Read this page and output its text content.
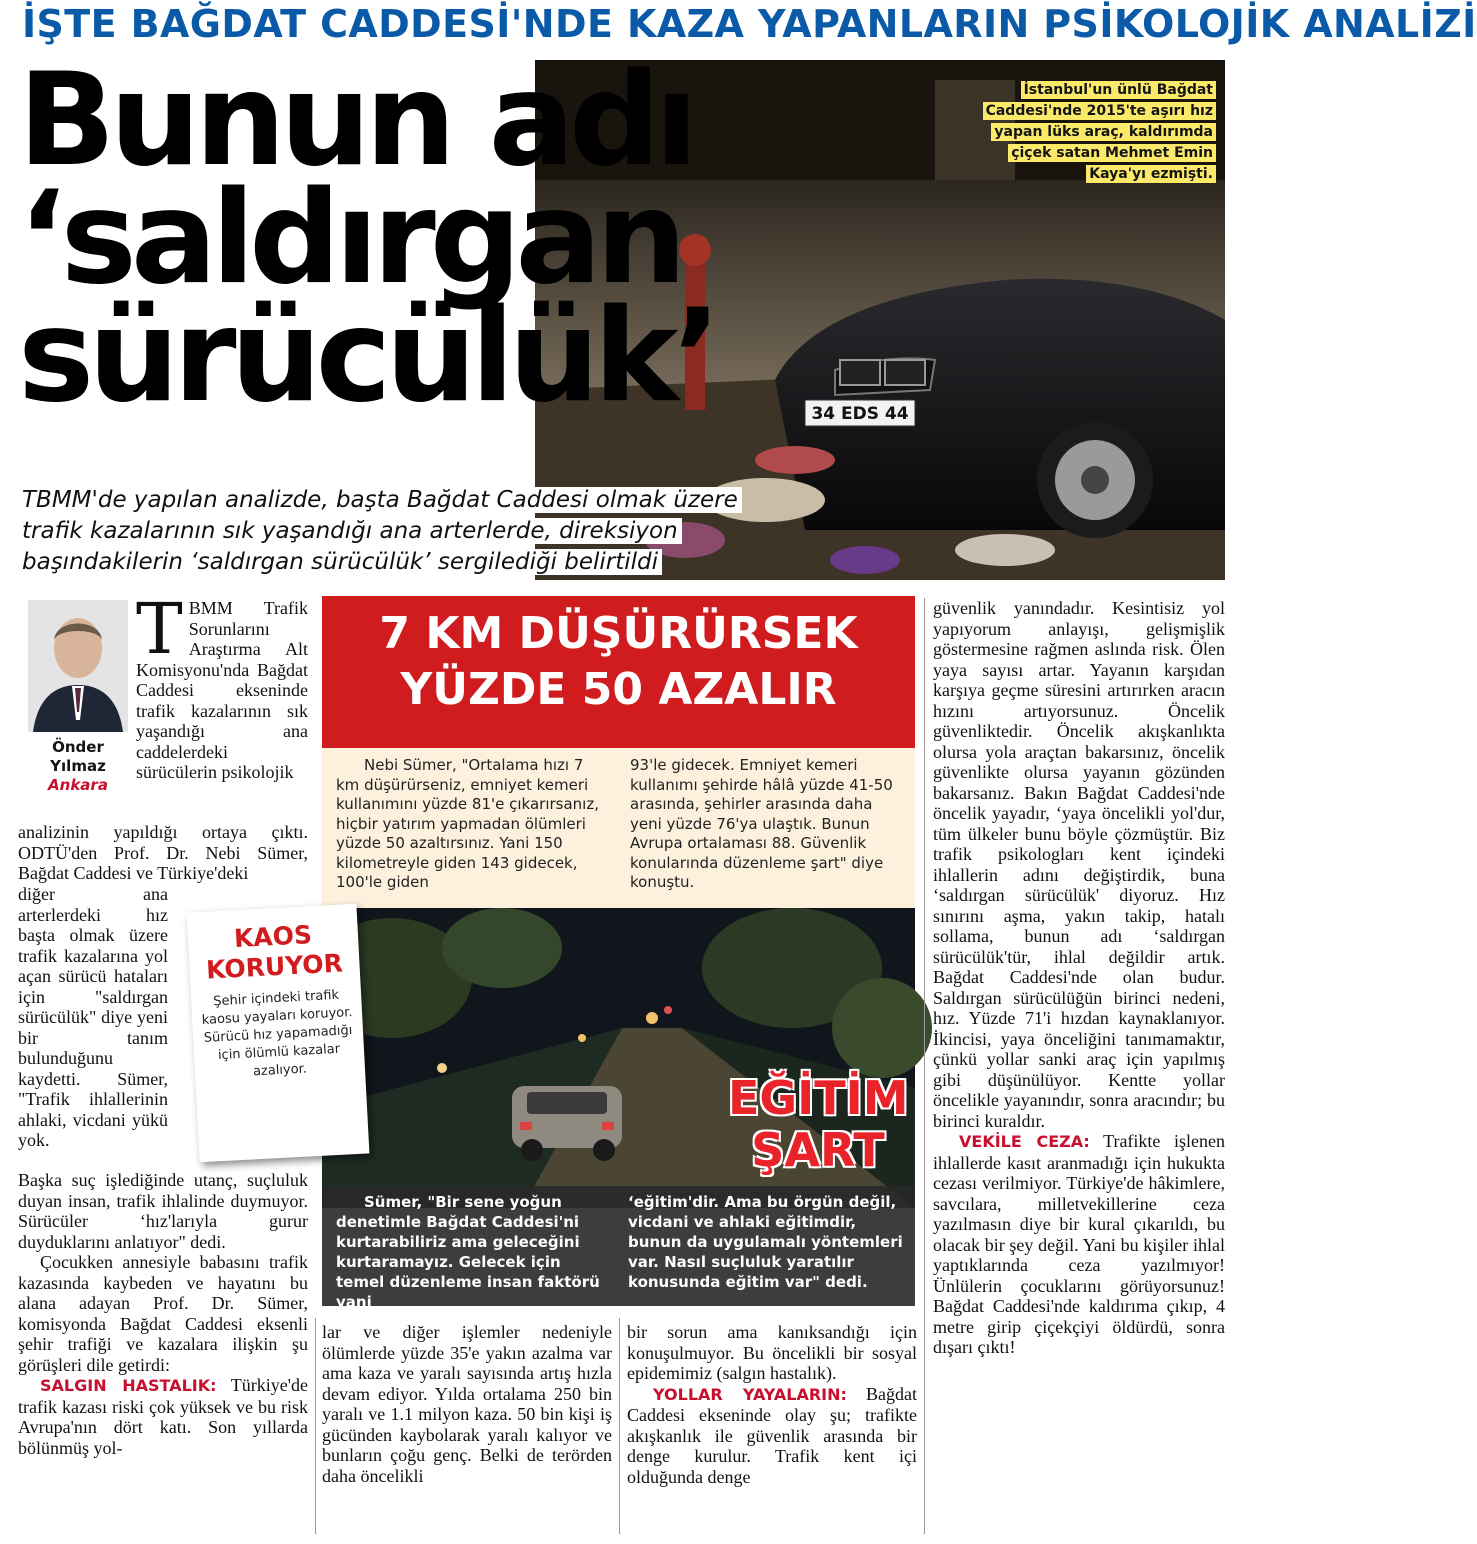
İŞTE BAĞDAT CADDESİ'NDE KAZA YAPANLARIN PSİKOLOJİK ANALİZİ
34 EDS 44
Bunun adı
‘saldırgan
sürücülük’
İstanbul'un ünlü Bağdat
Caddesi'nde 2015'te aşırı hız
yapan lüks araç, kaldırımda
çiçek satan Mehmet Emin
Kaya'yı ezmişti.
TBMM'de yapılan analizde, başta Bağdat Caddesi olmak üzere
trafik kazalarının sık yaşandığı ana arterlerde, direksiyon
başındakilerin ‘saldırgan sürücülük’ sergilediği belirtildi
Önder
Yılmaz
Ankara
TBMM Trafik Sorunlarını Araştırma Alt Komisyonu'nda Bağdat Caddesi ekseninde trafik kazalarının sık yaşandığı ana caddelerdeki sürücülerin psikolojik

analizinin yapıldığı ortaya çıktı. ODTÜ'den Prof. Dr. Nebi Sümer, Bağdat Caddesi ve Türkiye'deki

diğer ana arterlerdeki hız başta olmak üzere trafik kazalarına yol açan sürücü hataları için "saldırgan sürücülük" diye yeni bir tanım bulunduğunu kaydetti. Sümer, "Trafik ihlallerinin ahlaki, vicdani yükü yok.

Başka suç işlediğinde utanç, suçluluk duyan insan, trafik ihlalinde duymuyor. Sürücüler ‘hız'larıyla gurur duyduklarını anlatıyor" dedi.

Çocukken annesiyle babasını trafik kazasında kaybeden ve hayatını bu alana adayan Prof. Dr. Sümer, komisyonda Bağdat Caddesi eksenli şehir trafiği ve kazalara ilişkin şu görüşleri dile getirdi:

SALGIN HASTALIK: Türkiye'de trafik kazası riski çok yüksek ve bu risk Avrupa'nın dört katı. Son yıllarda bölünmüş yol-

7 KM DÜŞÜRÜRSEK
YÜZDE 50 AZALIR
Nebi Sümer, "Ortalama hızı 7 km düşürürseniz, emniyet kemeri kullanımını yüzde 81'e çıkarırsanız, hiçbir yatırım yapmadan ölümleri yüzde 50 azaltırsınız. Yani 150 kilometreyle giden 143 gidecek, 100'le giden
93'le gidecek. Emniyet kemeri kullanımı şehirde hâlâ yüzde 41-50 arasında, şehirler arasında daha yeni yüzde 76'ya ulaştık. Bunun Avrupa ortalaması 88. Güvenlik konularında düzenleme şart" diye konuştu.
Sümer, "Bir sene yoğun denetimle Bağdat Caddesi'ni kurtarabiliriz ama geleceğini kurtaramayız. Gelecek için temel düzenleme insan faktörü yani
‘eğitim'dir. Ama bu örgün değil, vicdani ve ahlaki eğitimdir, bunun da uygulamalı yöntemleri var. Nasıl suçluluk yaratılır konusunda eğitim var" dedi.
EĞİTİM
ŞART
KAOS
KORUYOR
Şehir içindeki trafik kaosu yayaları koruyor. Sürücü hız yapamadığı için ölümlü kazalar azalıyor.
lar ve diğer işlemler nedeniyle ölümlerde yüzde 35'e yakın azalma var ama kaza ve yaralı sayısında artış hızla devam ediyor. Yılda ortalama 250 bin yaralı ve 1.1 milyon kaza. 50 bin kişi iş gücünden kaybolarak yaralı kalıyor ve bunların çoğu genç. Belki de terörden daha öncelikli

bir sorun ama kanıksandığı için konuşulmuyor. Bu öncelikli bir sosyal epidemimiz (salgın hastalık).

YOLLAR YAYALARIN: Bağdat Caddesi ekseninde olay şu; trafikte akışkanlık ile güvenlik arasında bir denge kurulur. Trafik kent içi olduğunda denge

güvenlik yanındadır. Kesintisiz yol yapıyorum anlayışı, gelişmişlik göstermesine rağmen aslında risk. Ölen yaya sayısı artar. Yayanın karşıdan karşıya geçme süresini artırırken aracın hızını artıyorsunuz. Öncelik güvenliktedir. Öncelik akışkanlıkta olursa yola araçtan bakarsınız, öncelik güvenlikte olursa yayanın gözünden bakarsanız. Bakın Bağdat Caddesi'nde öncelik yayadır, ‘yaya öncelikli yol'dur, tüm ülkeler bunu böyle çözmüştür. Biz trafik psikologları kent içindeki ihlallerin adını değiştirdik, buna ‘saldırgan sürücülük' diyoruz. Hız sınırını aşma, yakın takip, hatalı sollama, bunun adı ‘saldırgan sürücülük'tür, ihlal değildir artık. Bağdat Caddesi'nde olan budur. Saldırgan sürücülüğün birinci nedeni, hız. Yüzde 71'i hızdan kaynaklanıyor. İkincisi, yaya önceliğini tanımamaktır, çünkü yollar sanki araç için yapılmış gibi düşünülüyor. Kentte yollar öncelikle yayanındır, sonra aracındır; bu birinci kuraldır.

VEKİLE CEZA: Trafikte işlenen ihlallerde kasıt aranmadığı için hukukta cezası verilmiyor. Türkiye'de hâkimlere, savcılara, milletvekillerine ceza yazılmasın diye bir kural çıkarıldı, bu olacak bir şey değil. Yani bu kişiler ihlal yaptıklarında ceza yazılmıyor! Ünlülerin çocuklarını görüyorsunuz! Bağdat Caddesi'nde kaldırıma çıkıp, 4 metre girip çiçekçiyi öldürdü, sonra dışarı çıktı!
